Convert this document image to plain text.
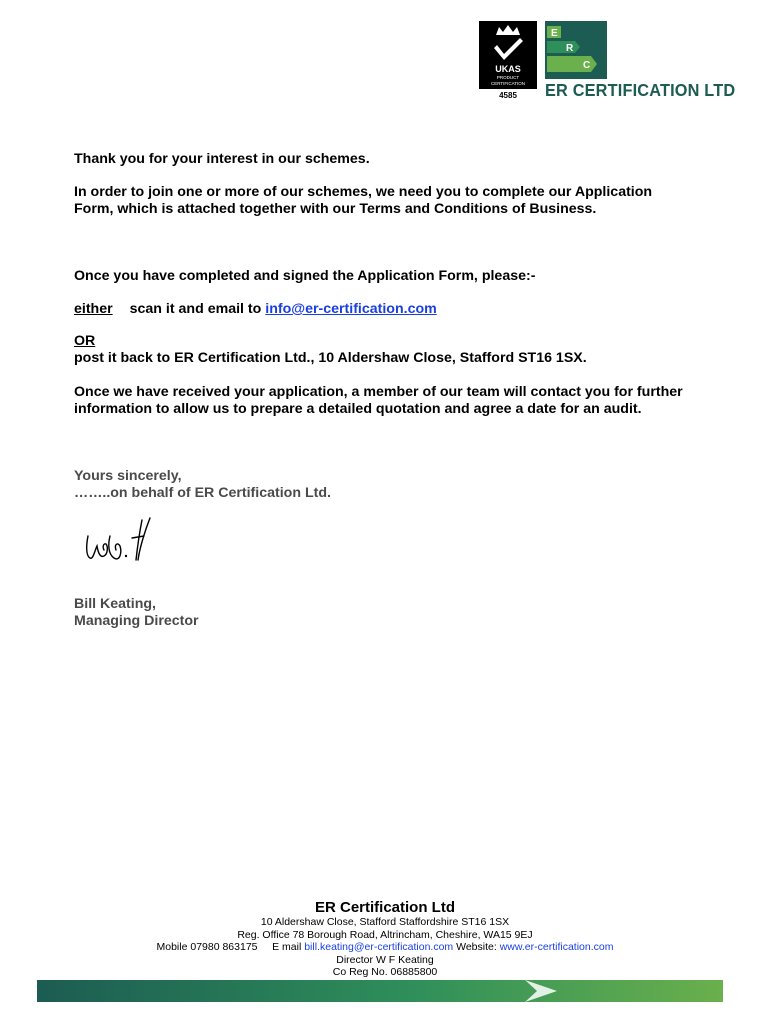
UKAS
PRODUCT
CERTIFICATION
4585
E
R
C
ER CERTIFICATION LTD

Thank you for your interest in our schemes.

In order to join one or more of our schemes, we need you to complete our Application Form, which is attached together with our Terms and Conditions of Business.

Once you have completed and signed the Application Form, please:-

either scan it and email to info@er-certification.com

OR

post it back to ER Certification Ltd., 10 Aldershaw Close, Stafford ST16 1SX.

Once we have received your application, a member of our team will contact you for further information to allow us to prepare a detailed quotation and agree a date for an audit.

Yours sincerely,

……..on behalf of ER Certification Ltd.

Bill Keating,

Managing Director

ER Certification Ltd
10 Aldershaw Close, Stafford Staffordshire ST16 1SX
Reg. Office 78 Borough Road, Altrincham, Cheshire, WA15 9EJ
Mobile 07980 863175 E mail bill.keating@er-certification.com Website: www.er-certification.com
Director W F Keating
Co Reg No. 06885800
